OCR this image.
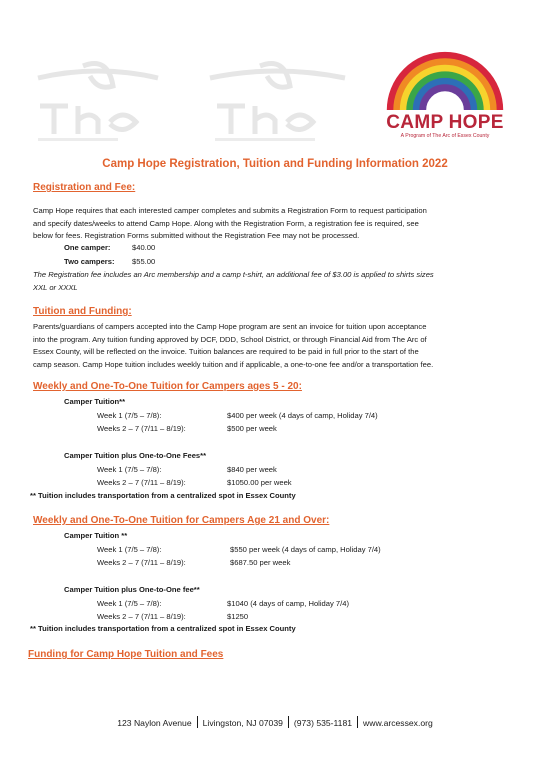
CAMP HOPE
A Program of The Arc of Essex County
Camp Hope Registration, Tuition and Funding Information 2022
Registration and Fee:
Camp Hope requires that each interested camper completes and submits a Registration Form to request participation
and specify dates/weeks to attend Camp Hope. Along with the Registration Form, a registration fee is required, see
below for fees. Registration Forms submitted without the Registration Fee may not be processed.
One camper:	$40.00
Two campers: $55.00
The Registration fee includes an Arc membership and a camp t-shirt, an additional fee of $3.00 is applied to shirts sizes
XXL or XXXL
Tuition and Funding:
Parents/guardians of campers accepted into the Camp Hope program are sent an invoice for tuition upon acceptance
into the program. Any tuition funding approved by DCF, DDD, School District, or through Financial Aid from The Arc of
Essex County, will be reflected on the invoice. Tuition balances are required to be paid in full prior to the start of the
camp season. Camp Hope tuition includes weekly tuition and if applicable, a one-to-one fee and/or a transportation fee.
Weekly and One-To-One Tuition for Campers ages 5 - 20:
Camper Tuition**
Week 1 (7/5 – 7/8):	$400 per week (4 days of camp, Holiday 7/4)
Weeks 2 – 7 (7/11 – 8/19):	$500 per week
Camper Tuition plus One-to-One Fees**
Week 1 (7/5 – 7/8):	$840 per week
Weeks 2 – 7 (7/11 – 8/19):	$1050.00 per week
** Tuition includes transportation from a centralized spot in Essex County
Weekly and One-To-One Tuition for Campers Age 21 and Over:
Camper Tuition **
Week 1 (7/5 – 7/8):	$550 per week (4 days of camp, Holiday 7/4)
Weeks 2 – 7 (7/11 – 8/19):	$687.50 per week
Camper Tuition plus One-to-One fee**
Week 1 (7/5 – 7/8):	$1040 (4 days of camp, Holiday 7/4)
Weeks 2 – 7 (7/11 – 8/19):	$1250
** Tuition includes transportation from a centralized spot in Essex County
Funding for Camp Hope Tuition and Fees
123 Naylon Avenue Livingston, NJ 07039 (973) 535-1181 www.arcessex.org
